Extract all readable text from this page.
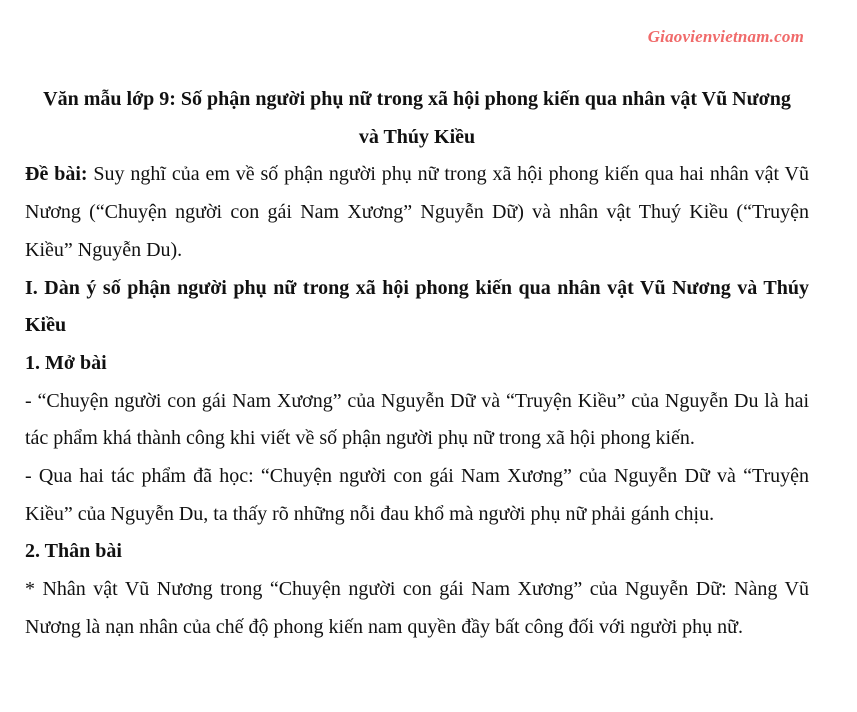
Giaovienvietnam.com

Văn mẫu lớp 9: Số phận người phụ nữ trong xã hội phong kiến qua nhân vật Vũ Nương và Thúy Kiều

Đề bài: Suy nghĩ của em về số phận người phụ nữ trong xã hội phong kiến qua hai nhân vật Vũ Nương (“Chuyện người con gái Nam Xương” Nguyễn Dữ) và nhân vật Thuý Kiều (“Truyện Kiều” Nguyễn Du).

I. Dàn ý số phận người phụ nữ trong xã hội phong kiến qua nhân vật Vũ Nương và Thúy Kiều

1. Mở bài

- “Chuyện người con gái Nam Xương” của Nguyễn Dữ và “Truyện Kiều” của Nguyễn Du là hai tác phẩm khá thành công khi viết về số phận người phụ nữ trong xã hội phong kiến.

- Qua hai tác phẩm đã học: “Chuyện người con gái Nam Xương” của Nguyễn Dữ và “Truyện Kiều” của Nguyễn Du, ta thấy rõ những nỗi đau khổ mà người phụ nữ phải gánh chịu.

2. Thân bài

* Nhân vật Vũ Nương trong “Chuyện người con gái Nam Xương” của Nguyễn Dữ: Nàng Vũ Nương là nạn nhân của chế độ phong kiến nam quyền đầy bất công đối với người phụ nữ.
